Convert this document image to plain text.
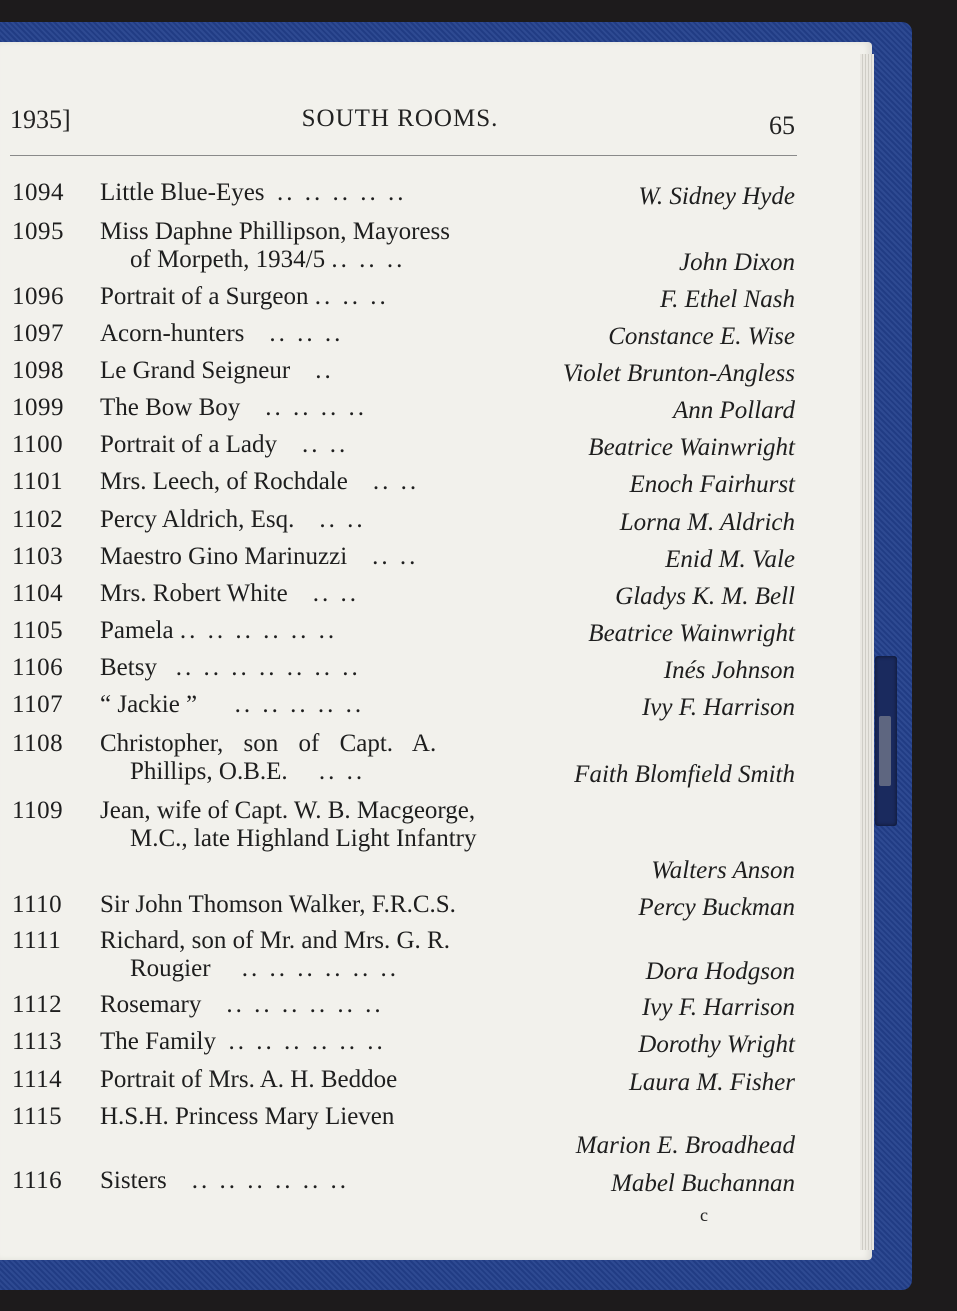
1935]	SOUTH ROOMS.	65
1094 Little Blue-Eyes .. .. .. .. ..	W. Sidney Hyde
1095 Miss Daphne Phillipson, Mayoress
of Morpeth, 1934/5 .. .. ..	John Dixon
1096 Portrait of a Surgeon .. .. ..	F. Ethel Nash
1097 Acorn-hunters .. .. ..	Constance E. Wise
1098 Le Grand Seigneur ..	Violet Brunton-Angless
1099 The Bow Boy .. .. .. ..	Ann Pollard
1100 Portrait of a Lady .. ..	Beatrice Wainwright
1101 Mrs. Leech, of Rochdale .. ..	Enoch Fairhurst
1102 Percy Aldrich, Esq. .. ..	Lorna M. Aldrich
1103 Maestro Gino Marinuzzi .. ..	Enid M. Vale
1104 Mrs. Robert White .. ..	Gladys K. M. Bell
1105 Pamela .. .. .. .. .. ..	Beatrice Wainwright
1106 Betsy .. .. .. .. .. .. ..	Inés Johnson
1107 “ Jackie ” .. .. .. .. ..	Ivy F. Harrison
1108 Christopher, son of Capt. A.
Phillips, O.B.E. .. ..	Faith Blomfield Smith
1109 Jean, wife of Capt. W. B. Macgeorge,
M.C., late Highland Light Infantry
Walters Anson
1110 Sir John Thomson Walker, F.R.C.S.	Percy Buckman
1111 Richard, son of Mr. and Mrs. G. R.
Rougier .. .. .. .. .. ..	Dora Hodgson
1112 Rosemary .. .. .. .. .. ..	Ivy F. Harrison
1113 The Family .. .. .. .. .. ..	Dorothy Wright
1114 Portrait of Mrs. A. H. Beddoe	Laura M. Fisher
1115 H.S.H. Princess Mary Lieven
Marion E. Broadhead
1116 Sisters .. .. .. .. .. ..	Mabel Buchannan
c
